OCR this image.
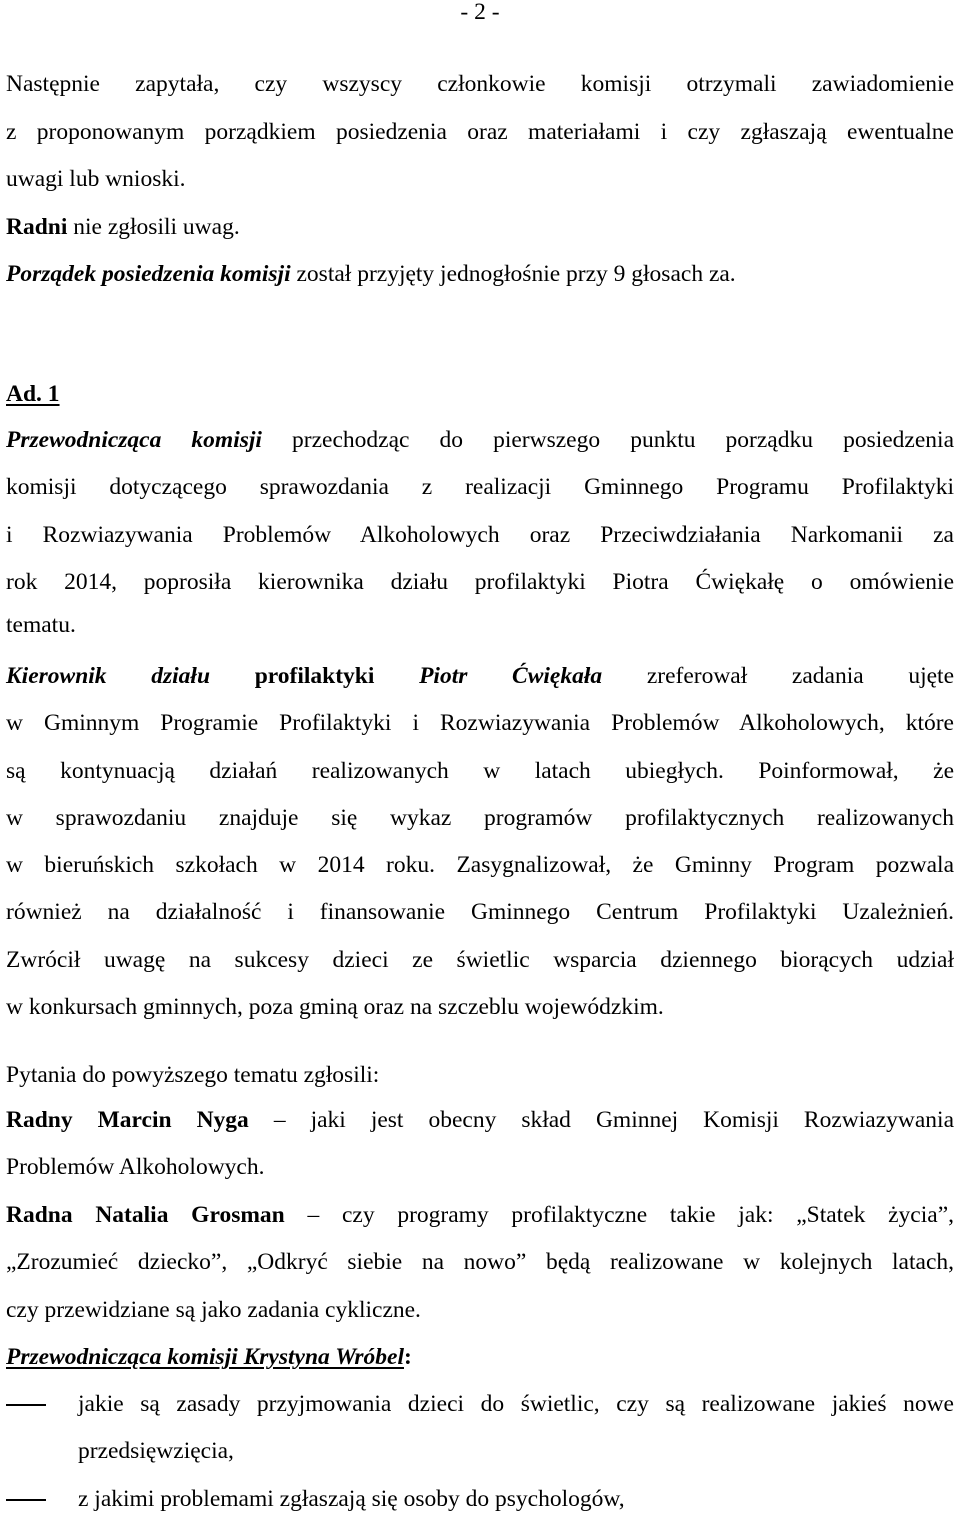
- 2 -

Następnie zapytała, czy wszyscy członkowie komisji otrzymali zawiadomienie

z proponowanym porządkiem posiedzenia oraz materiałami i czy zgłaszają ewentualne

uwagi lub wnioski.

Radni nie zgłosili uwag.
Porządek posiedzenia komisji został przyjęty jednogłośnie przy 9 głosach za.
Ad. 1

Przewodnicząca komisji przechodząc do pierwszego punktu porządku posiedzenia

komisji dotyczącego sprawozdania z realizacji Gminnego Programu Profilaktyki

i Rozwiazywania Problemów Alkoholowych oraz Przeciwdziałania Narkomanii za

rok 2014, poprosiła kierownika działu profilaktyki Piotra Ćwiękałę o omówienie

tematu.

Kierownik działu profilaktyki Piotr Ćwiękała zreferował zadania ujęte

w Gminnym Programie Profilaktyki i Rozwiazywania Problemów Alkoholowych, które

są kontynuacją działań realizowanych w latach ubiegłych. Poinformował, że

w sprawozdaniu znajduje się wykaz programów profilaktycznych realizowanych

w bieruńskich szkołach w 2014 roku. Zasygnalizował, że Gminny Program pozwala

również na działalność i finansowanie Gminnego Centrum Profilaktyki Uzależnień.

Zwrócił uwagę na sukcesy dzieci ze świetlic wsparcia dziennego biorących udział

w konkursach gminnych, poza gminą oraz na szczeblu wojewódzkim.

Pytania do powyższego tematu zgłosili:

Radny Marcin Nyga – jaki jest obecny skład Gminnej Komisji Rozwiazywania

Problemów Alkoholowych.

Radna Natalia Grosman – czy programy profilaktyczne takie jak: „Statek życia”,

„Zrozumieć dziecko”, „Odkryć siebie na nowo” będą realizowane w kolejnych latach,

czy przewidziane są jako zadania cykliczne.

Przewodnicząca komisji Krystyna Wróbel:

jakie są zasady przyjmowania dzieci do świetlic, czy są realizowane jakieś nowe

przedsięwzięcia,

z jakimi problemami zgłaszają się osoby do psychologów,
